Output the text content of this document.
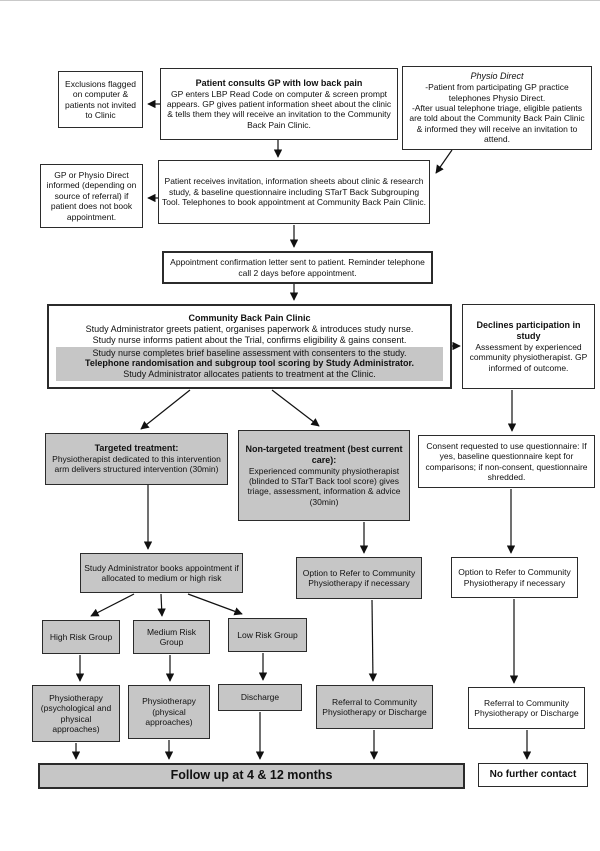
Exclusions flagged on computer & patients not invited to Clinic
Patient consults GP with low back pain
GP enters LBP Read Code on computer & screen prompt appears. GP gives patient information sheet about the clinic & tells them they will receive an invitation to the Community Back Pain Clinic.
Physio Direct
-Patient from participating GP practice telephones Physio Direct.
-After usual telephone triage, eligible patients are told about the Community Back Pain Clinic & informed they will receive an invitation to attend.
GP or Physio Direct informed (depending on source of referral) if patient does not book appointment.
Patient receives invitation, information sheets about clinic & research study, & baseline questionnaire including STarT Back Subgrouping Tool. Telephones to book appointment at Community Back Pain Clinic.
Appointment confirmation letter sent to patient. Reminder telephone call 2 days before appointment.
Community Back Pain Clinic
Study Administrator greets patient, organises paperwork & introduces study nurse.
Study nurse informs patient about the Trial, confirms eligibility & gains consent.
Study nurse completes brief baseline assessment with consenters to the study.
Telephone randomisation and subgroup tool scoring by Study Administrator.
Study Administrator allocates patients to treatment at the Clinic.
Declines participation in study
Assessment by experienced community physiotherapist. GP informed of outcome.
Targeted treatment:
Physiotherapist dedicated to this intervention arm delivers structured intervention (30min)
Non-targeted treatment (best current care):
Experienced community physiotherapist (blinded to STarT Back tool score) gives triage, assessment, information & advice (30min)
Consent requested to use questionnaire: If yes, baseline questionnaire kept for comparisons; if non-consent, questionnaire shredded.
Study Administrator books appointment if allocated to medium or high risk
Option to Refer to Community Physiotherapy if necessary
Option to Refer to Community Physiotherapy if necessary
High Risk Group
Medium Risk Group
Low Risk Group
Physiotherapy (psychological and physical approaches)
Physiotherapy (physical approaches)
Discharge	Referral to Community Physiotherapy or Discharge
Referral to Community Physiotherapy or Discharge
Follow up at 4 & 12 months	No further contact
